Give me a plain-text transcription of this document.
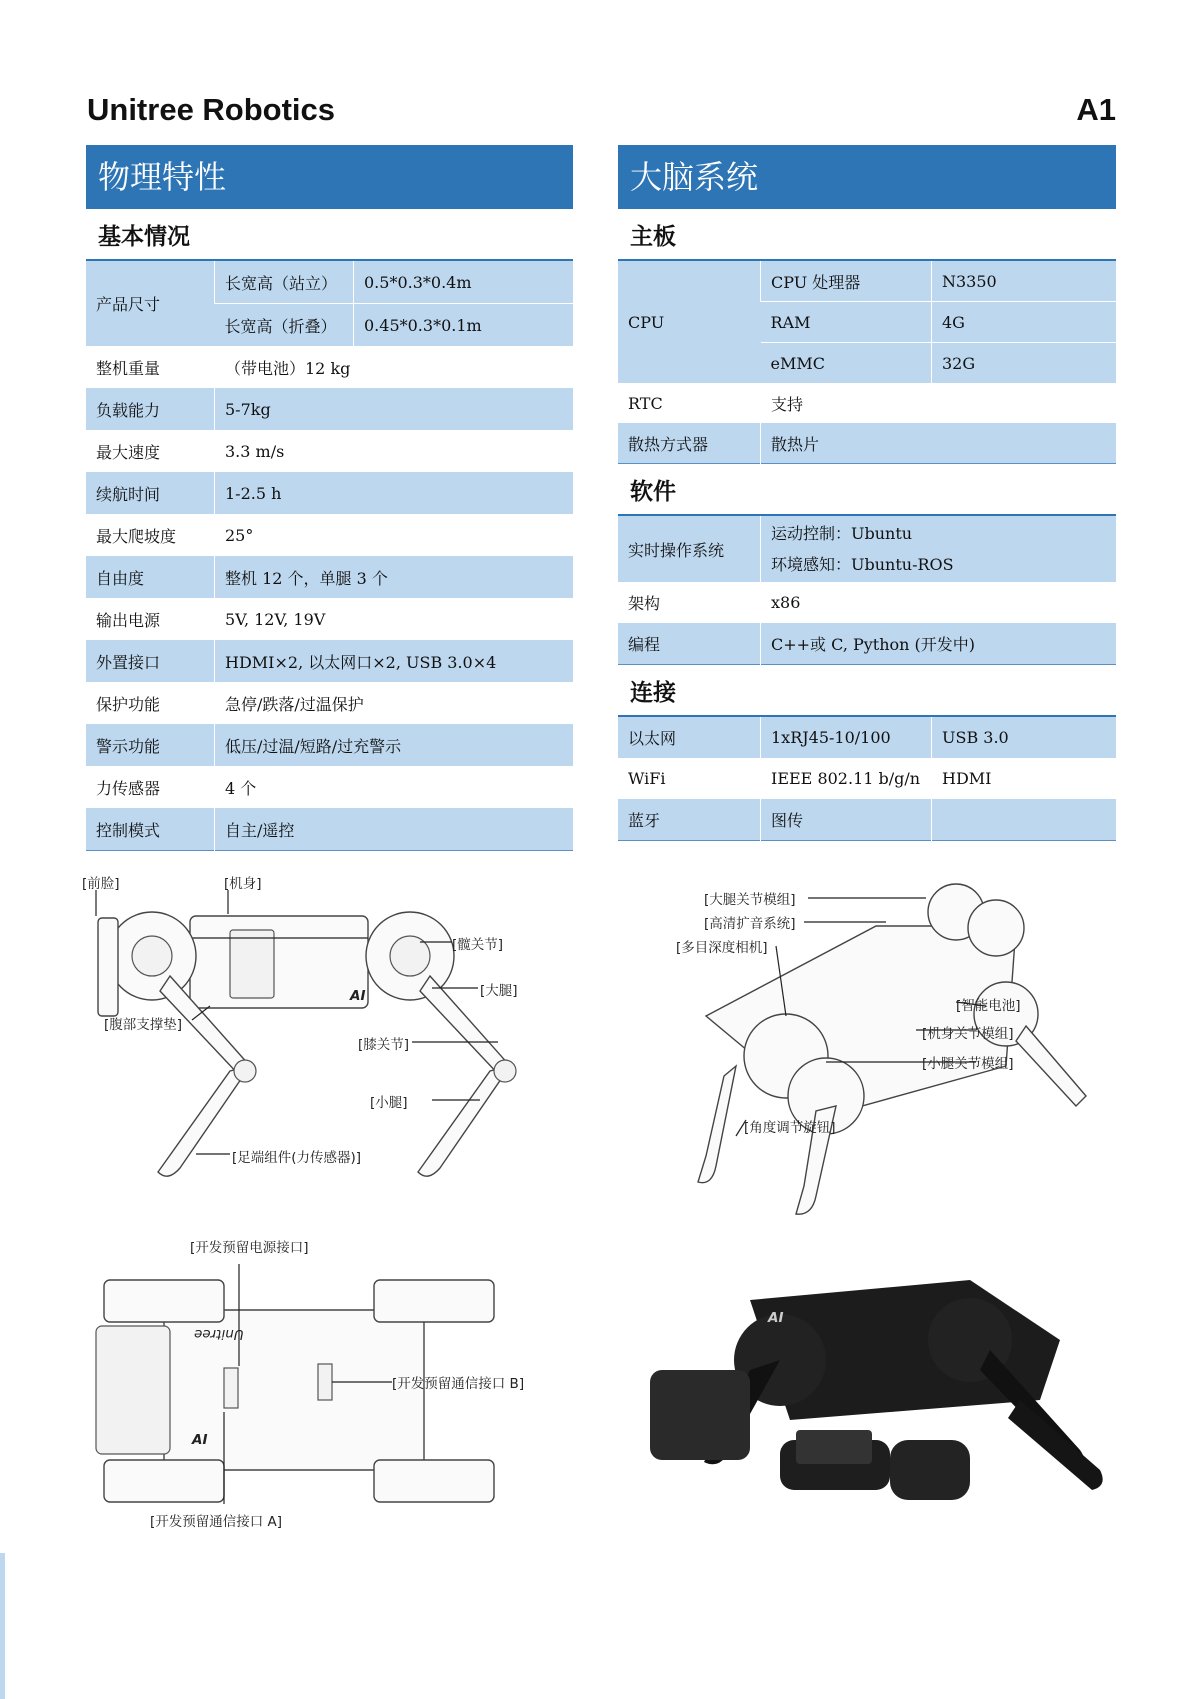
Unitree Robotics	A1
物理特性
基本情况
产品尺寸	长宽高（站立）	0.5*0.3*0.4m
	长宽高（折叠）	0.45*0.3*0.1m
整机重量	（带电池）12 kg	
负载能力	5-7kg	
最大速度	3.3 m/s	
续航时间	1-2.5 h	
最大爬坡度	25°	
自由度	整机 12 个，单腿 3 个	
输出电源	5V, 12V, 19V	
外置接口	HDMI×2, 以太网口×2, USB 3.0×4	
保护功能	急停/跌落/过温保护	
警示功能	低压/过温/短路/过充警示	
力传感器	4 个	
控制模式	自主/遥控	
大脑系统
主板
CPU	CPU 处理器	N3350
	RAM	4G
	eMMC	32G
RTC	支持	
散热方式器	散热片	
软件
实时操作系统	运动控制：Ubuntu
环境感知：Ubuntu-ROS

架构	x86
编程	C++或 C, Python (开发中)
连接
以太网	1xRJ45-10/100	USB 3.0
WiFi	IEEE 802.11 b/g/n	HDMI
蓝牙	图传	
[前脸]	[机身]
[髋关节]
[大腿]
[腹部支撑垫]
[膝关节]
[小腿]
[足端组件(力传感器)]
AI
[开发预留电源接口]
[开发预留通信接口 B]
[开发预留通信接口 A]
Unitree
AI
[大腿关节模组]
[高清扩音系统]
[多目深度相机]
[智能电池]
[机身关节模组]
[小腿关节模组]
[角度调节旋钮]
AI
